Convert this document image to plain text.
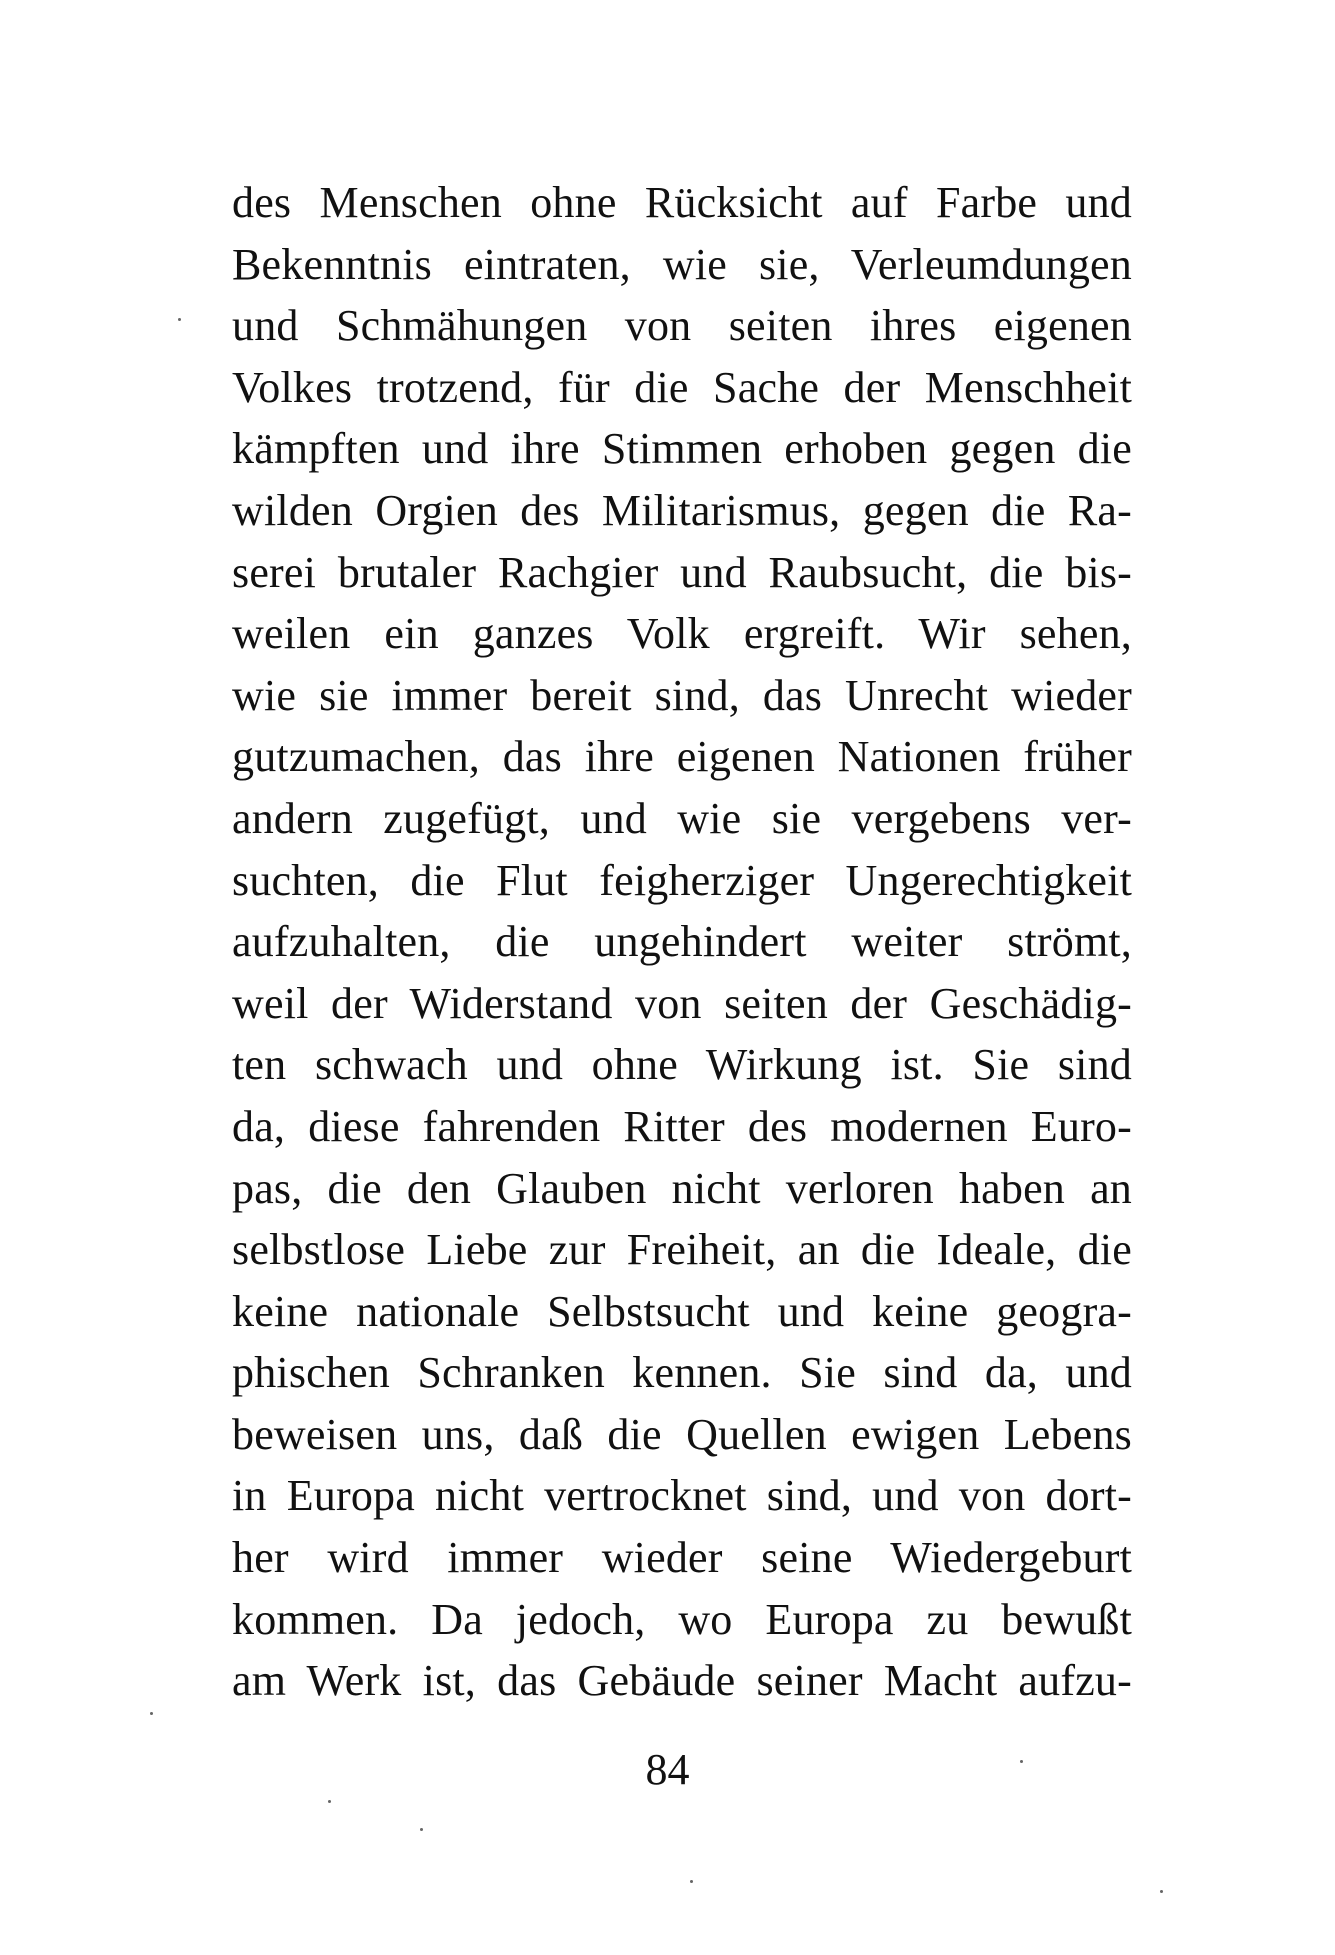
des Menschen ohne Rücksicht auf Farbe und
Bekenntnis eintraten, wie sie, Verleumdungen
und Schmähungen von seiten ihres eigenen
Volkes trotzend, für die Sache der Menschheit
kämpften und ihre Stimmen erhoben gegen die
wilden Orgien des Militarismus, gegen die Ra-
serei brutaler Rachgier und Raubsucht, die bis-
weilen ein ganzes Volk ergreift. Wir sehen,
wie sie immer bereit sind, das Unrecht wieder
gutzumachen, das ihre eigenen Nationen früher
andern zugefügt, und wie sie vergebens ver-
suchten, die Flut feigherziger Ungerechtigkeit
aufzuhalten, die ungehindert weiter strömt,
weil der Widerstand von seiten der Geschädig-
ten schwach und ohne Wirkung ist. Sie sind
da, diese fahrenden Ritter des modernen Euro-
pas, die den Glauben nicht verloren haben an
selbstlose Liebe zur Freiheit, an die Ideale, die
keine nationale Selbstsucht und keine geogra-
phischen Schranken kennen. Sie sind da, und
beweisen uns, daß die Quellen ewigen Lebens
in Europa nicht vertrocknet sind, und von dort-
her wird immer wieder seine Wiedergeburt
kommen. Da jedoch, wo Europa zu bewußt
am Werk ist, das Gebäude seiner Macht aufzu-
84
